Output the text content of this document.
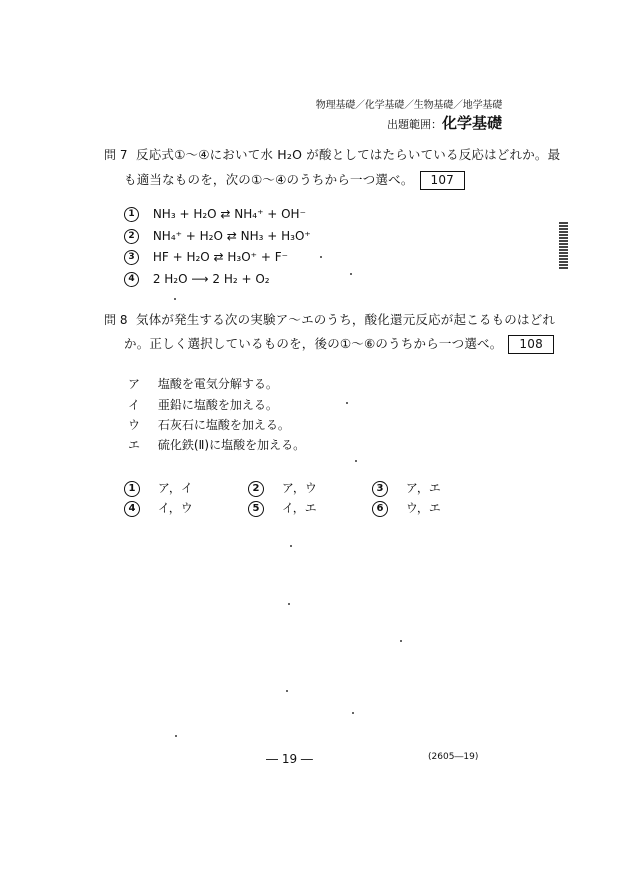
物理基礎／化学基礎／生物基礎／地学基礎
出題範囲：化学基礎
問 7 反応式①～④において水 H₂O が酸としてはたらいている反応はどれか。最
も適当なものを，次の①～④のうちから一つ選べ。 107
1 NH₃ + H₂O ⇄ NH₄⁺ + OH⁻
2 NH₄⁺ + H₂O ⇄ NH₃ + H₃O⁺
3 HF + H₂O ⇄ H₃O⁺ + F⁻
4 2 H₂O ⟶ 2 H₂ + O₂
問 8 気体が発生する次の実験ア～エのうち，酸化還元反応が起こるものはどれ
か。正しく選択しているものを，後の①～⑥のうちから一つ選べ。 108
ア 塩酸を電気分解する。
イ 亜鉛に塩酸を加える。
ウ 石灰石に塩酸を加える。
エ 硫化鉄(Ⅱ)に塩酸を加える。
1 ア，イ	2 ア，ウ	3 ア，エ
4 イ，ウ	5 イ，エ	6 ウ，エ
― 19 ―	(2605―19)
